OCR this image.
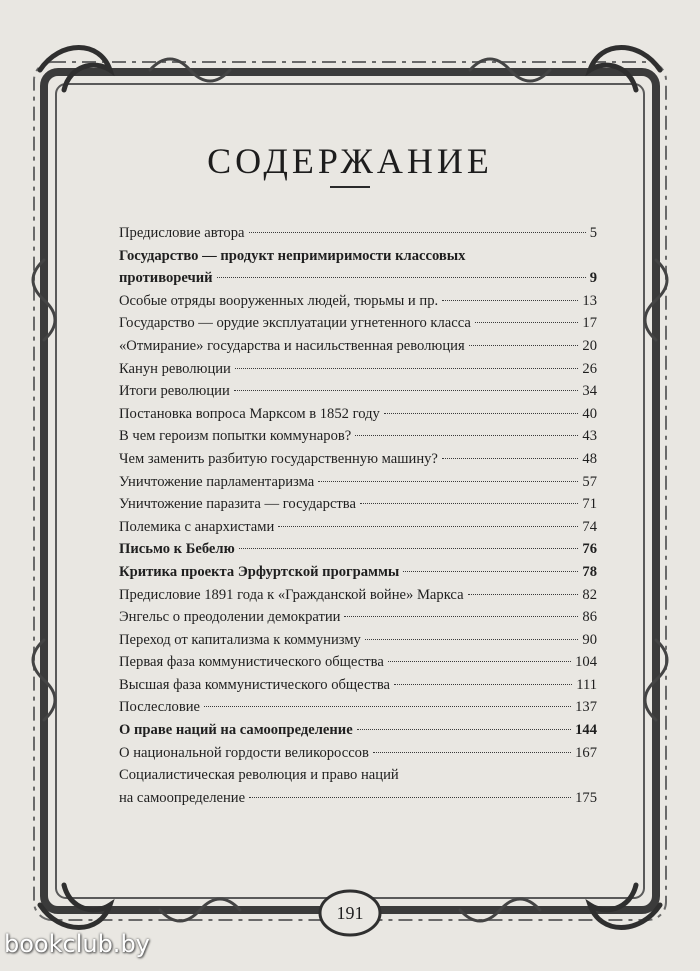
СОДЕРЖАНИЕ
Предисловие автора	5
Государство — продукт непримиримости классовых
противоречий	9
Особые отряды вооруженных людей, тюрьмы и пр.	13
Государство — орудие эксплуатации угнетенного класса	17
«Отмирание» государства и насильственная революция	20
Канун революции	26
Итоги революции	34
Постановка вопроса Марксом в 1852 году	40
В чем героизм попытки коммунаров?	43
Чем заменить разбитую государственную машину?	48
Уничтожение парламентаризма	57
Уничтожение паразита — государства	71
Полемика с анархистами	74
Письмо к Бебелю	76
Критика проекта Эрфуртской программы	78
Предисловие 1891 года к «Гражданской войне» Маркса	82
Энгельс о преодолении демократии	86
Переход от капитализма к коммунизму	90
Первая фаза коммунистического общества	104
Высшая фаза коммунистического общества	111
Послесловие	137
О праве наций на самоопределение	144
О национальной гордости великороссов	167
Социалистическая революция и право наций
на самоопределение	175
191
bookclub.by
